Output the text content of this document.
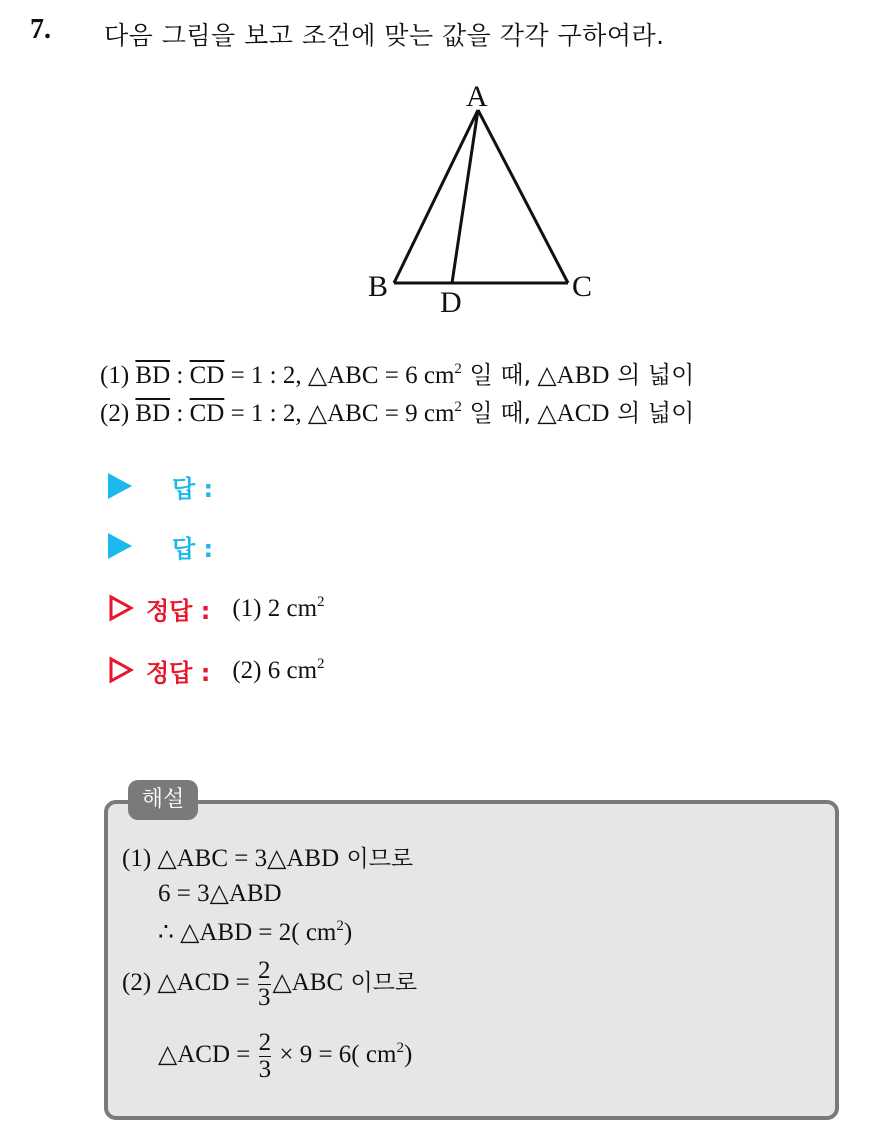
7. 다음 그림을 보고 조건에 맞는 값을 각각 구하여라.
A
B	C
D
(1) $\overline{BD}$ : $\overline{CD} = 1$ : 2, △ABC = 6 $cm^2$ 일 때, △ABD 의 넓이
(2) $\overline{BD}$ : $\overline{CD} = 1$ : 2, △ABC = 9 $cm^2$ 일 때, △ACD 의 넓이
답 :
답 :
정답 : (1) 2 $cm^2$
정답 : (2) 6 $cm^2$
해설
(1) △ABC = 3△ABD 이므로
6 = 3△ABD
∴ △ABD = 2( $cm^2$)
(2) △ACD = $\frac{2}{3}$ △ABC 이므로
△ACD = $\frac{2}{3} \times 9 = 6$( $cm^2$)
